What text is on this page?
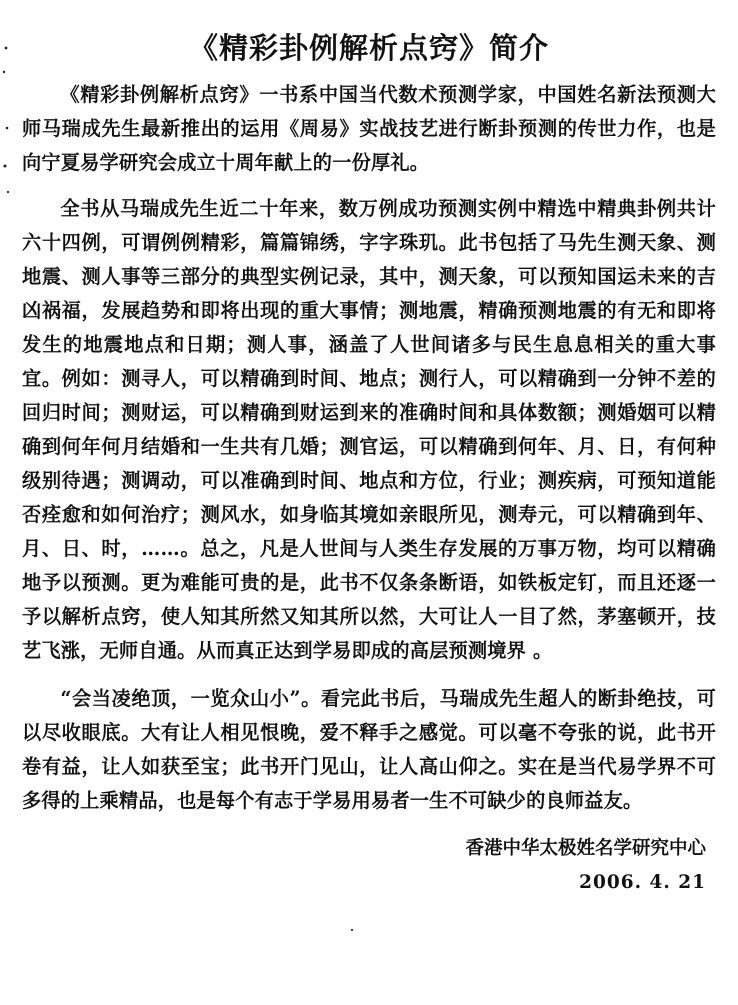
《精彩卦例解析点窍》简介

《精彩卦例解析点窍》一书系中国当代数术预测学家，中国姓名新法预测大师马瑞成先生最新推出的运用《周易》实战技艺进行断卦预测的传世力作，也是向宁夏易学研究会成立十周年献上的一份厚礼。

全书从马瑞成先生近二十年来，数万例成功预测实例中精选中精典卦例共计六十四例，可谓例例精彩，篇篇锦绣，字字珠玑。此书包括了马先生测天象、测地震、测人事等三部分的典型实例记录，其中，测天象，可以预知国运未来的吉凶祸福，发展趋势和即将出现的重大事情；测地震，精确预测地震的有无和即将发生的地震地点和日期；测人事，涵盖了人世间诸多与民生息息相关的重大事宜。例如：测寻人，可以精确到时间、地点；测行人，可以精确到一分钟不差的回归时间；测财运，可以精确到财运到来的准确时间和具体数额；测婚姻可以精确到何年何月结婚和一生共有几婚；测官运，可以精确到何年、月、日，有何种级别待遇；测调动，可以准确到时间、地点和方位，行业；测疾病，可预知道能否痊愈和如何治疗；测风水，如身临其境如亲眼所见，测寿元，可以精确到年、月、日、时，……。总之，凡是人世间与人类生存发展的万事万物，均可以精确地予以预测。更为难能可贵的是，此书不仅条条断语，如铁板定钉，而且还逐一予以解析点窍，使人知其所然又知其所以然，大可让人一目了然，茅塞顿开，技艺飞涨，无师自通。从而真正达到学易即成的高层预测境界 。

“会当凌绝顶，一览众山小”。看完此书后，马瑞成先生超人的断卦绝技，可以尽收眼底。大有让人相见恨晚，爱不释手之感觉。可以毫不夸张的说，此书开卷有益，让人如获至宝；此书开门见山，让人高山仰之。实在是当代易学界不可多得的上乘精品，也是每个有志于学易用易者一生不可缺少的良师益友。

香港中华太极姓名学研究中心
2006. 4. 21
